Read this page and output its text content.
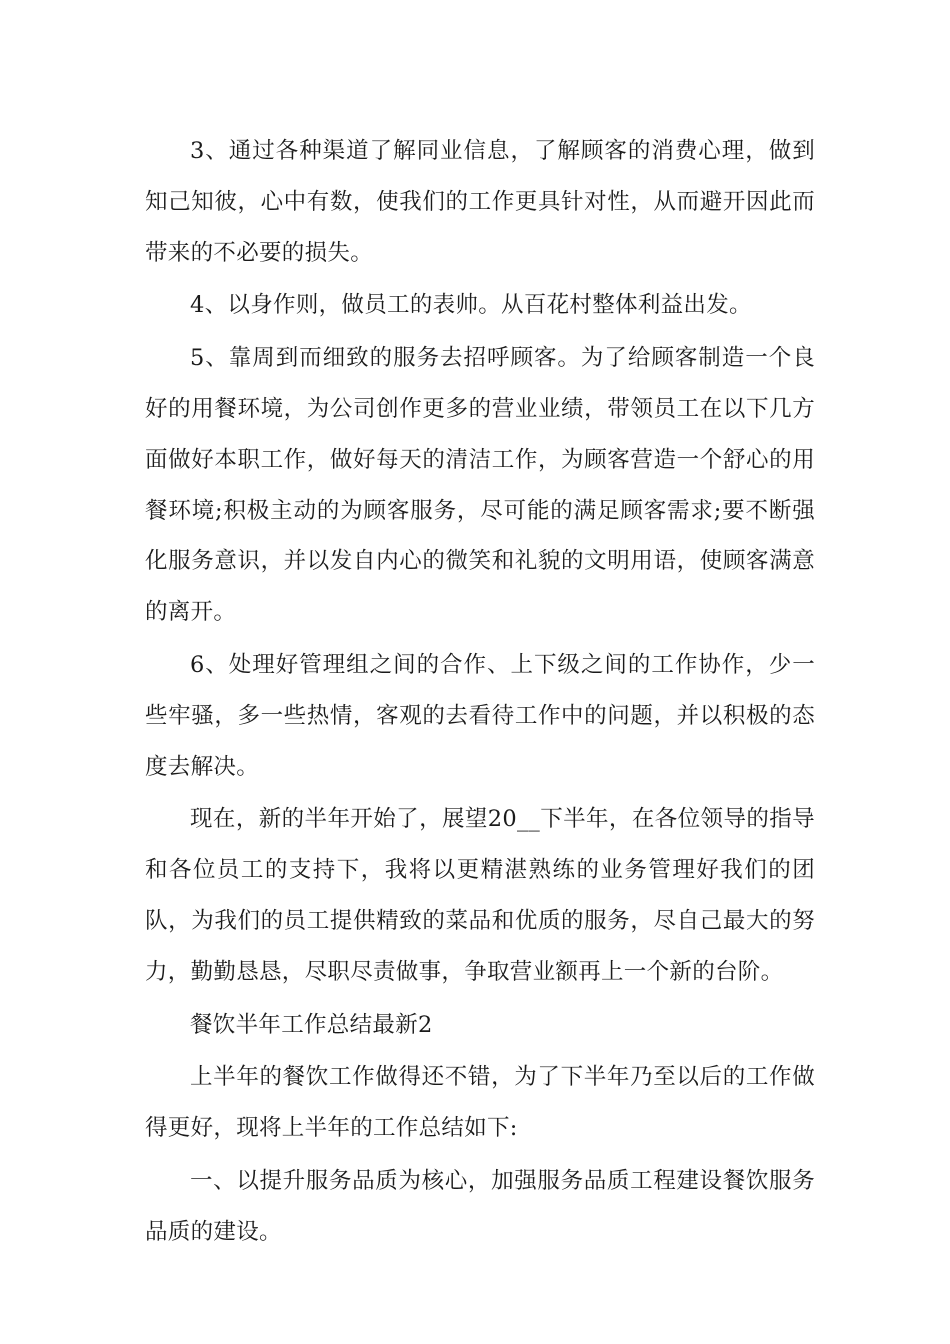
3、通过各种渠道了解同业信息，了解顾客的消费心理，做到知己知彼，心中有数，使我们的工作更具针对性，从而避开因此而带来的不必要的损失。

4、以身作则，做员工的表帅。从百花村整体利益出发。

5、靠周到而细致的服务去招呼顾客。为了给顾客制造一个良好的用餐环境，为公司创作更多的营业业绩，带领员工在以下几方面做好本职工作，做好每天的清洁工作，为顾客营造一个舒心的用餐环境;积极主动的为顾客服务，尽可能的满足顾客需求;要不断强化服务意识，并以发自内心的微笑和礼貌的文明用语，使顾客满意的离开。

6、处理好管理组之间的合作、上下级之间的工作协作，少一些牢骚，多一些热情，客观的去看待工作中的问题，并以积极的态度去解决。

现在，新的半年开始了，展望20__下半年，在各位领导的指导和各位员工的支持下，我将以更精湛熟练的业务管理好我们的团队，为我们的员工提供精致的菜品和优质的服务，尽自己最大的努力，勤勤恳恳，尽职尽责做事，争取营业额再上一个新的台阶。

餐饮半年工作总结最新2

上半年的餐饮工作做得还不错，为了下半年乃至以后的工作做得更好，现将上半年的工作总结如下:

一、以提升服务品质为核心，加强服务品质工程建设餐饮服务品质的建设。
